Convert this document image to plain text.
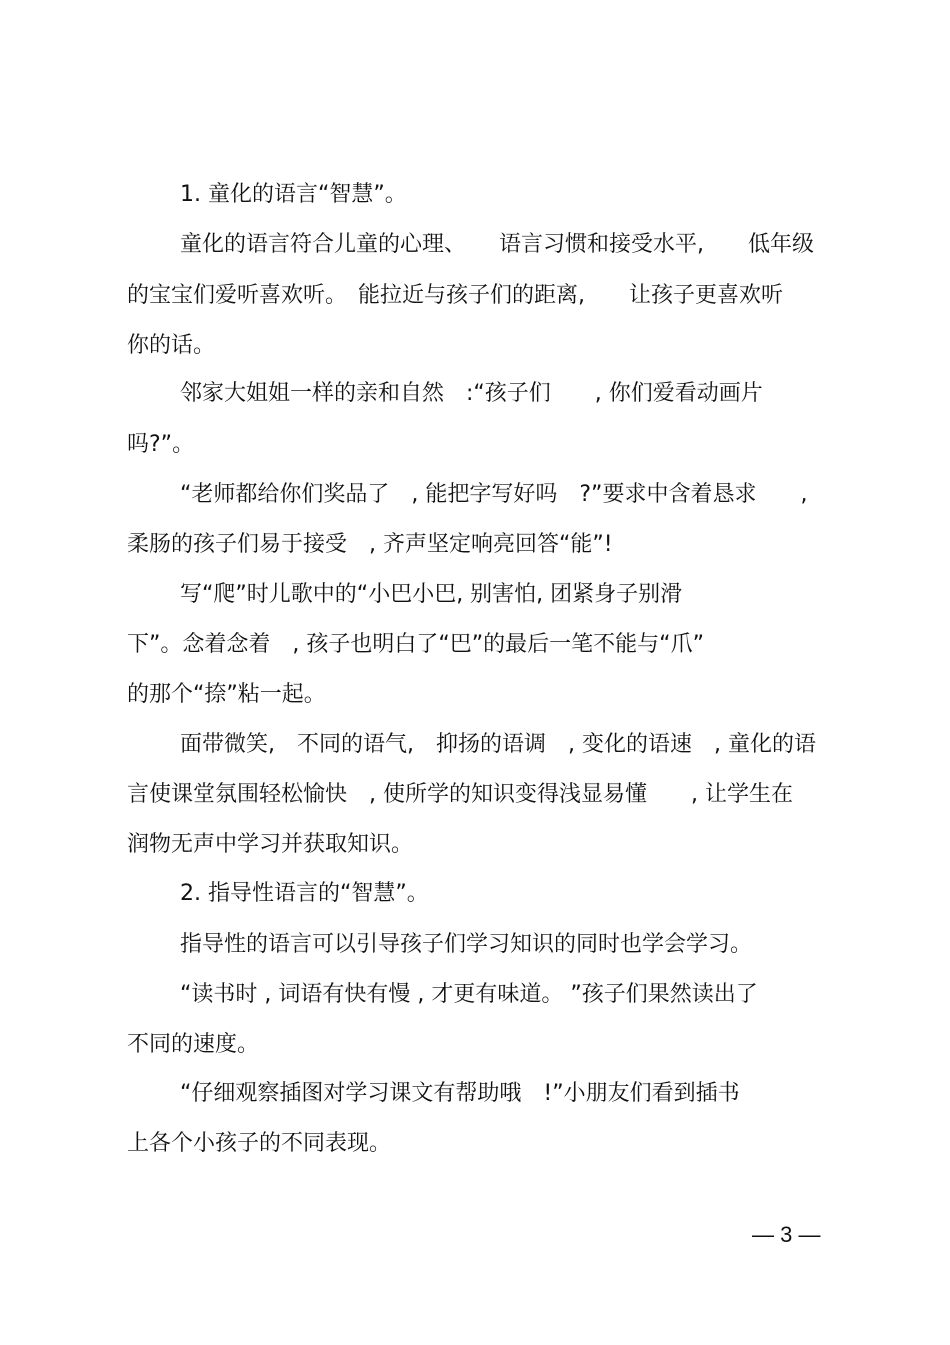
1. 童化的语言“智慧”。
童化的语言符合儿童的心理、　　语言习惯和接受水平,　　低年级
的宝宝们爱听喜欢听。　能拉近与孩子们的距离,　　让孩子更喜欢听
你的话。
邻家大姐姐一样的亲和自然　:“孩子们　　, 你们爱看动画片
吗?”。
“老师都给你们奖品了　, 能把字写好吗　?”要求中含着恳求　　,
柔肠的孩子们易于接受　, 齐声坚定响亮回答“能”!
写“爬”时儿歌中的“小巴小巴, 别害怕, 团紧身子别滑
下”。念着念着　, 孩子也明白了“巴”的最后一笔不能与“爪”
的那个“捺”粘一起。
面带微笑,　不同的语气,　抑扬的语调　, 变化的语速　, 童化的语
言使课堂氛围轻松愉快　, 使所学的知识变得浅显易懂　　, 让学生在
润物无声中学习并获取知识。
2. 指导性语言的“智慧”。
指导性的语言可以引导孩子们学习知识的同时也学会学习。
“读书时 , 词语有快有慢 , 才更有味道。 ”孩子们果然读出了
不同的速度。
“仔细观察插图对学习课文有帮助哦　!”小朋友们看到插书
上各个小孩子的不同表现。
— 3 —
